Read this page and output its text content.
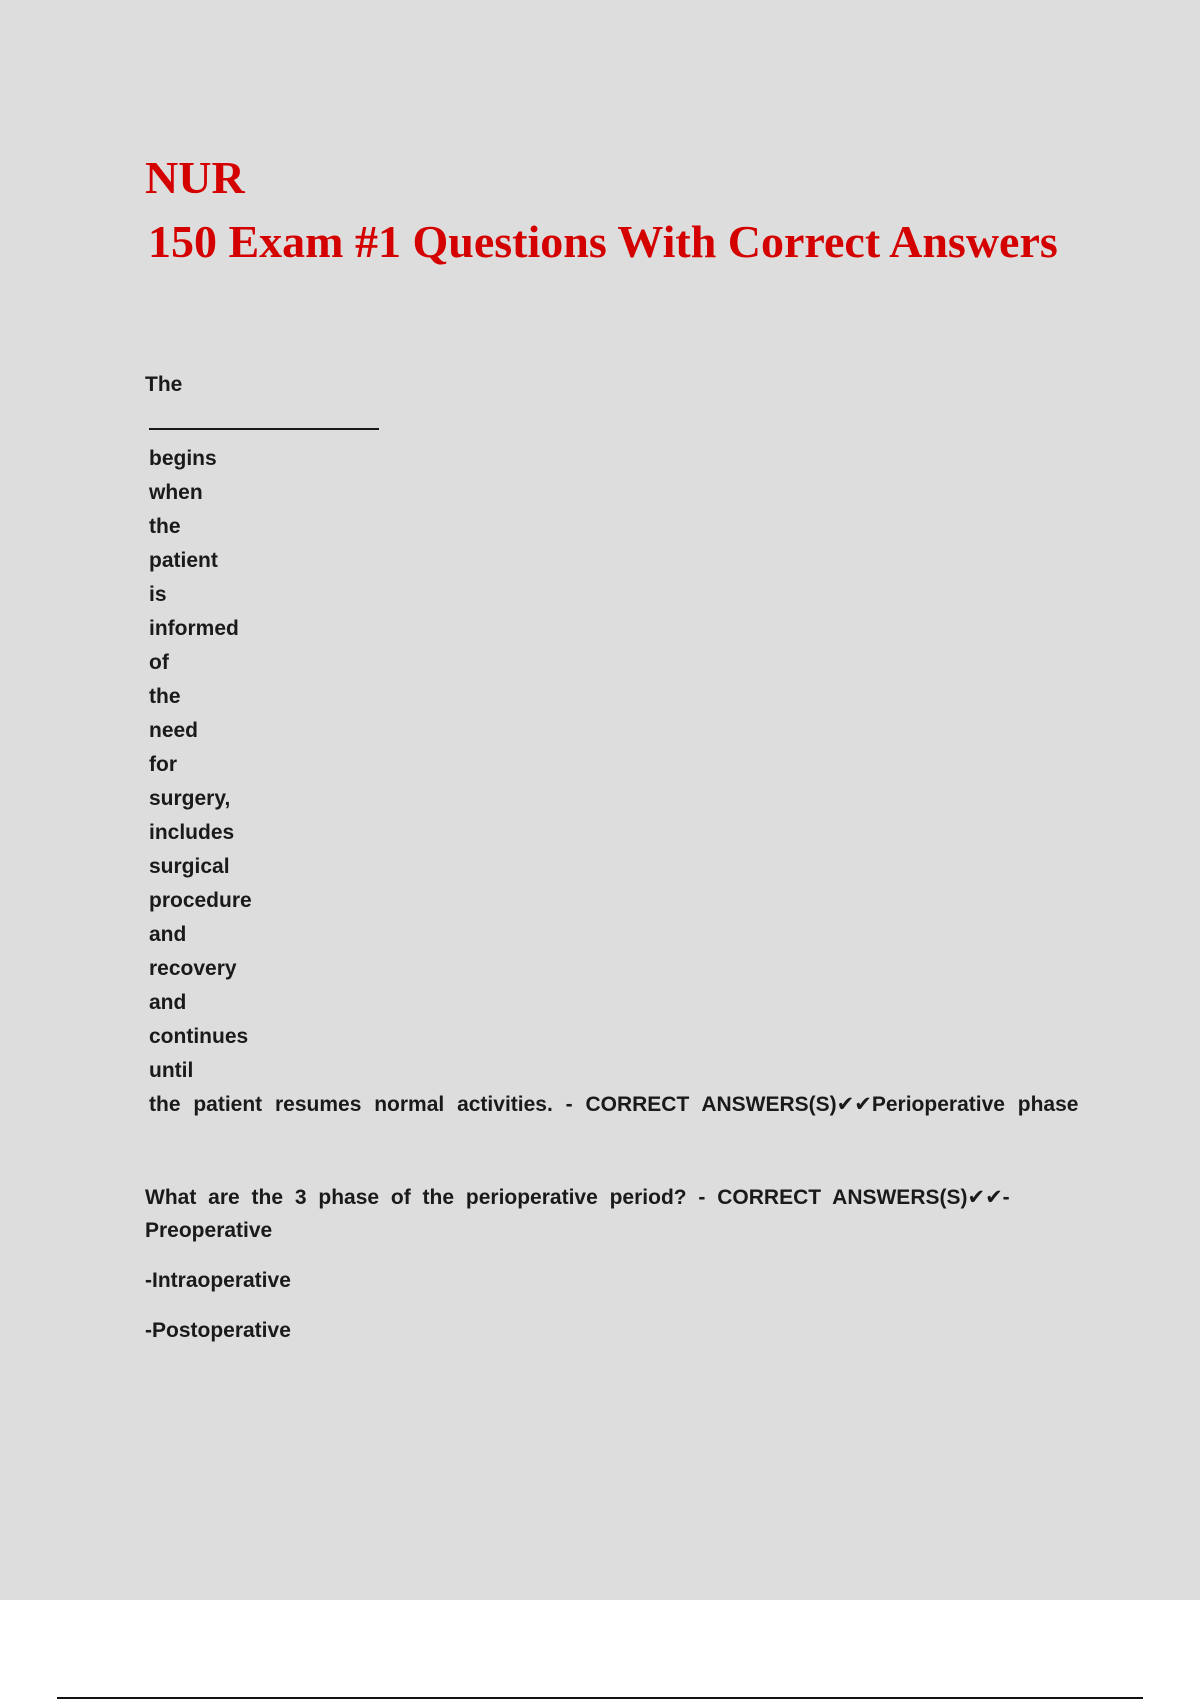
NUR
150 Exam #1 Questions With Correct Answers
The
begins
when
the
patient
is
informed
of
the
need
for
surgery,
includes
surgical
procedure
and
recovery
and
continues
until
the patient resumes normal activities. - CORRECT ANSWERS(S)✔✔Perioperative phase
What are the 3 phase of the perioperative period? - CORRECT ANSWERS(S)✔✔- Preoperative
-Intraoperative
-Postoperative
